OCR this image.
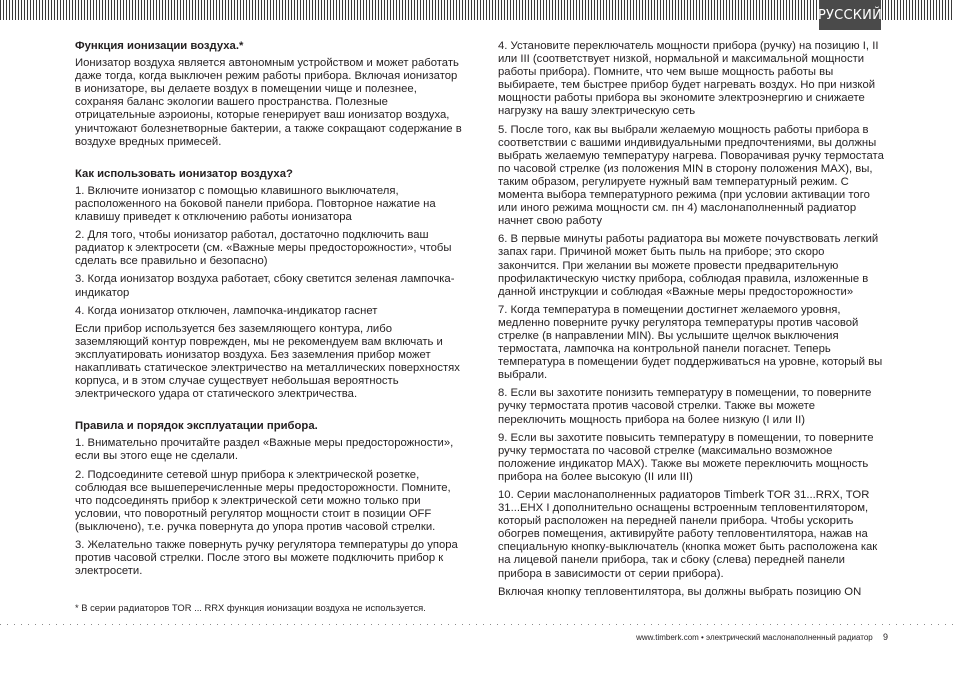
РУССКИЙ
Функция ионизации воздуха.*

Ионизатор воздуха является автономным устройством и может работать даже тогда, когда выключен режим работы прибора. Включая ионизатор в ионизаторе, вы делаете воздух в помещении чище и полезнее, сохраняя баланс экологии вашего пространства. Полезные отрицательные аэроионы, которые генерирует ваш ионизатор воздуха, уничтожают болезнетворные бактерии, а также сокращают содержание в воздухе вредных примесей.

Как использовать ионизатор воздуха?

1. Включите ионизатор с помощью клавишного выключателя, расположенного на боковой панели прибора. Повторное нажатие на клавишу приведет к отключению работы ионизатора

2. Для того, чтобы ионизатор работал, достаточно подключить ваш радиатор к электросети (см. «Важные меры предосторожности», чтобы сделать все правильно и безопасно)

3. Когда ионизатор воздуха работает, сбоку светится зеленая лампочка-индикатор

4. Когда ионизатор отключен, лампочка-индикатор гаснет

Если прибор используется без заземляющего контура, либо заземляющий контур поврежден, мы не рекомендуем вам включать и эксплуатировать ионизатор воздуха. Без заземления прибор может накапливать статическое электричество на металлических поверхностях корпуса, и в этом случае существует небольшая вероятность электрического удара от статического электричества.

Правила и порядок эксплуатации прибора.

1. Внимательно прочитайте раздел «Важные меры предосторожности», если вы этого еще не сделали.

2. Подсоедините сетевой шнур прибора к электрической розетке, соблюдая все вышеперечисленные меры предосторожности. Помните, что подсоединять прибор к электрической сети можно только при условии, что поворотный регулятор мощности стоит в позиции OFF (выключено), т.е. ручка повернута до упора против часовой стрелки.

3. Желательно также повернуть ручку регулятора температуры до упора против часовой стрелки. После этого вы можете подключить прибор к электросети.

* В серии радиаторов TOR ... RRX функция ионизации воздуха не используется.

4. Установите переключатель мощности прибора (ручку) на позицию I, II или III (соответствует низкой, нормальной и максимальной мощности работы прибора). Помните, что чем выше мощность работы вы выбираете, тем быстрее прибор будет нагревать воздух. Но при низкой мощности работы прибора вы экономите электроэнергию и снижаете нагрузку на вашу электрическую сеть

5. После того, как вы выбрали желаемую мощность работы прибора в соответствии с вашими индивидуальными предпочтениями, вы должны выбрать желаемую температуру нагрева. Поворачивая ручку термостата по часовой стрелке (из положения MIN в сторону положения MAX), вы, таким образом, регулируете нужный вам температурный режим. С момента выбора температурного режима (при условии активации того или иного режима мощности см. пн 4) маслонаполненный радиатор начнет свою работу

6. В первые минуты работы радиатора вы можете почувствовать легкий запах гари. Причиной может быть пыль на приборе; это скоро закончится. При желании вы можете провести предварительную профилактическую чистку прибора, соблюдая правила, изложенные в данной инструкции и соблюдая «Важные меры предосторожности»

7. Когда температура в помещении достигнет желаемого уровня, медленно поверните ручку регулятора температуры против часовой стрелке (в направлении MIN). Вы услышите щелчок выключения термостата, лампочка на контрольной панели погаснет. Теперь температура в помещении будет поддерживаться на уровне, который вы выбрали.

8. Если вы захотите понизить температуру в помещении, то поверните ручку термостата против часовой стрелки. Также вы можете переключить мощность прибора на более низкую (I или II)

9. Если вы захотите повысить температуру в помещении, то поверните ручку термостата по часовой стрелке (максимально возможное положение индикатор MAX). Также вы можете переключить мощность прибора на более высокую (II или III)

10. Серии маслонаполненных радиаторов Timberk TOR 31...RRX, TOR 31...EHX I дополнительно оснащены встроенным тепловентилятором, который расположен на передней панели прибора. Чтобы ускорить обогрев помещения, активируйте работу тепловентилятора, нажав на специальную кнопку-выключатель (кнопка может быть расположена как на лицевой панели прибора, так и сбоку (слева) передней панели прибора в зависимости от серии прибора).

Включая кнопку тепловентилятора, вы должны выбрать позицию ON

www.timberk.com • электрический маслонаполненный радиатор 9
